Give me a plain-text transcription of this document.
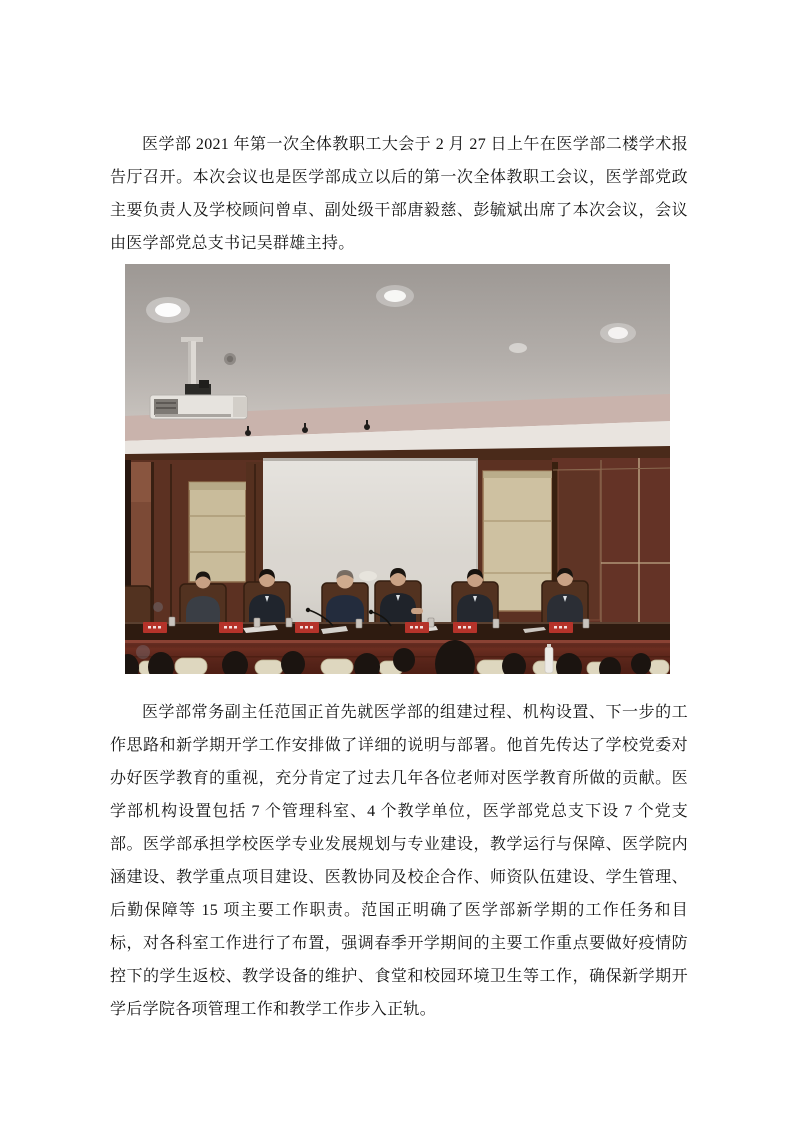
医学部 2021 年第一次全体教职工大会于 2 月 27 日上午在医学部二楼学术报告厅召开。本次会议也是医学部成立以后的第一次全体教职工会议，医学部党政主要负责人及学校顾问曾卓、副处级干部唐毅慈、彭毓斌出席了本次会议，会议由医学部党总支书记吴群雄主持。

医学部常务副主任范国正首先就医学部的组建过程、机构设置、下一步的工作思路和新学期开学工作安排做了详细的说明与部署。他首先传达了学校党委对办好医学教育的重视，充分肯定了过去几年各位老师对医学教育所做的贡献。医学部机构设置包括 7 个管理科室、4 个教学单位，医学部党总支下设 7 个党支部。医学部承担学校医学专业发展规划与专业建设，教学运行与保障、医学院内涵建设、教学重点项目建设、医教协同及校企合作、师资队伍建设、学生管理、后勤保障等 15 项主要工作职责。范国正明确了医学部新学期的工作任务和目标，对各科室工作进行了布置，强调春季开学期间的主要工作重点要做好疫情防控下的学生返校、教学设备的维护、食堂和校园环境卫生等工作，确保新学期开学后学院各项管理工作和教学工作步入正轨。
